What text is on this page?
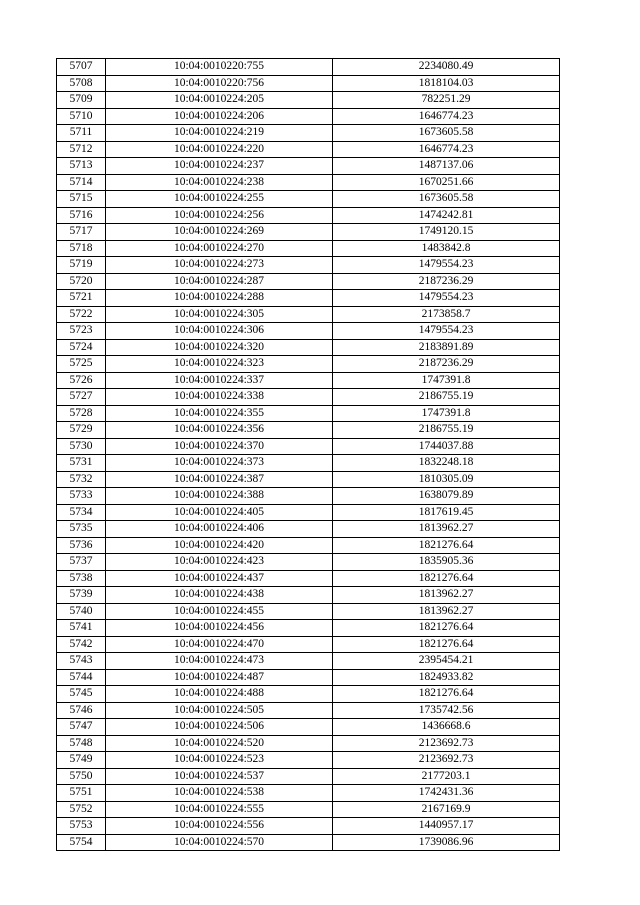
5707	10:04:0010220:755	2234080.49
5708	10:04:0010220:756	1818104.03
5709	10:04:0010224:205	782251.29
5710	10:04:0010224:206	1646774.23
5711	10:04:0010224:219	1673605.58
5712	10:04:0010224:220	1646774.23
5713	10:04:0010224:237	1487137.06
5714	10:04:0010224:238	1670251.66
5715	10:04:0010224:255	1673605.58
5716	10:04:0010224:256	1474242.81
5717	10:04:0010224:269	1749120.15
5718	10:04:0010224:270	1483842.8
5719	10:04:0010224:273	1479554.23
5720	10:04:0010224:287	2187236.29
5721	10:04:0010224:288	1479554.23
5722	10:04:0010224:305	2173858.7
5723	10:04:0010224:306	1479554.23
5724	10:04:0010224:320	2183891.89
5725	10:04:0010224:323	2187236.29
5726	10:04:0010224:337	1747391.8
5727	10:04:0010224:338	2186755.19
5728	10:04:0010224:355	1747391.8
5729	10:04:0010224:356	2186755.19
5730	10:04:0010224:370	1744037.88
5731	10:04:0010224:373	1832248.18
5732	10:04:0010224:387	1810305.09
5733	10:04:0010224:388	1638079.89
5734	10:04:0010224:405	1817619.45
5735	10:04:0010224:406	1813962.27
5736	10:04:0010224:420	1821276.64
5737	10:04:0010224:423	1835905.36
5738	10:04:0010224:437	1821276.64
5739	10:04:0010224:438	1813962.27
5740	10:04:0010224:455	1813962.27
5741	10:04:0010224:456	1821276.64
5742	10:04:0010224:470	1821276.64
5743	10:04:0010224:473	2395454.21
5744	10:04:0010224:487	1824933.82
5745	10:04:0010224:488	1821276.64
5746	10:04:0010224:505	1735742.56
5747	10:04:0010224:506	1436668.6
5748	10:04:0010224:520	2123692.73
5749	10:04:0010224:523	2123692.73
5750	10:04:0010224:537	2177203.1
5751	10:04:0010224:538	1742431.36
5752	10:04:0010224:555	2167169.9
5753	10:04:0010224:556	1440957.17
5754	10:04:0010224:570	1739086.96
